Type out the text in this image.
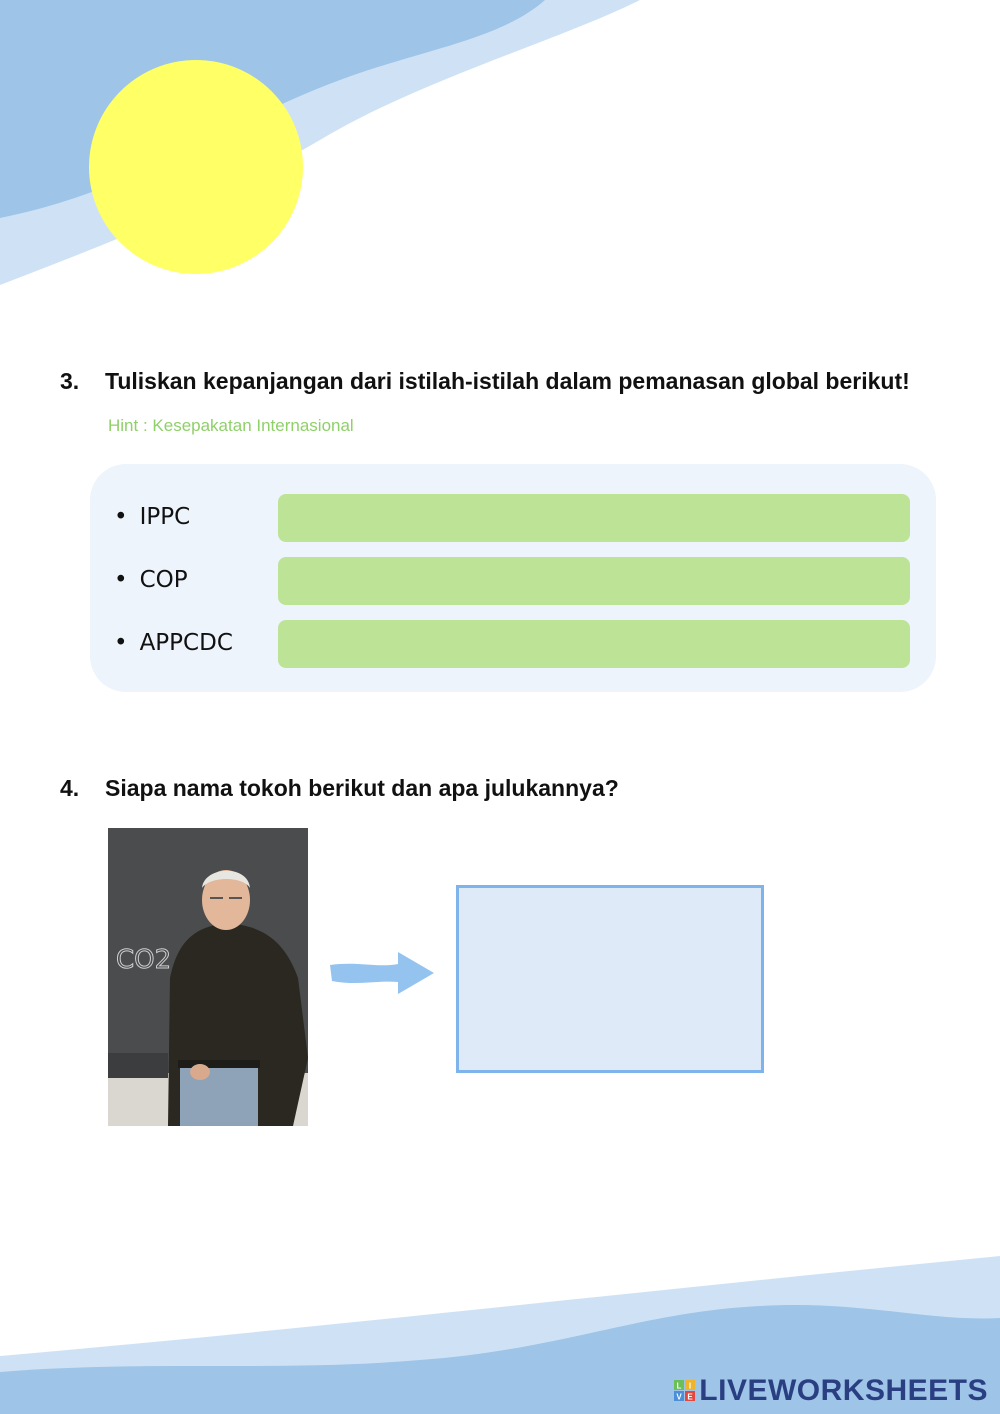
3.	Tuliskan kepanjangan dari istilah-istilah dalam pemanasan global berikut!
Hint : Kesepakatan Internasional
• IPPC
• COP
• APPCDC
4.	Siapa nama tokoh berikut dan apa julukannya?
CO2
L I
V E LIVEWORKSHEETS
